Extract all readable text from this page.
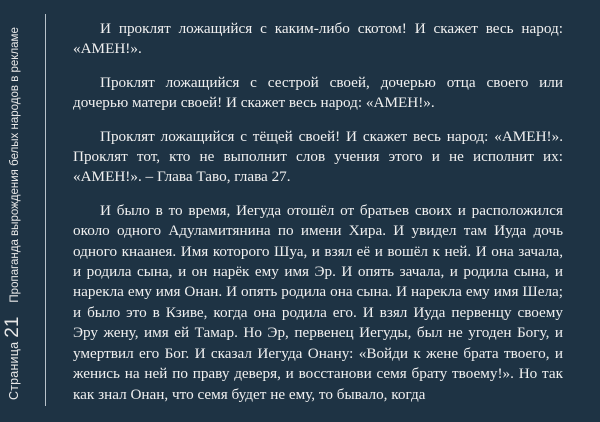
Страница
21
Пропаганда вырождения белых народов в рекламе	И проклят ложащийся с каким-либо скотом! И скажет весь народ: «АМЕН!».

Проклят ложащийся с сестрой своей, дочерью отца своего или дочерью матери своей! И скажет весь народ: «АМЕН!».

Проклят ложащийся с тёщей своей! И скажет весь народ: «АМЕН!». Проклят тот, кто не выполнит слов учения этого и не исполнит их: «АМЕН!». – Глава Таво, глава 27.

И было в то время, Иегуда отошёл от братьев своих и расположился около одного Адуламитянина по имени Хира. И увидел там Иуда дочь одного кнаанея. Имя которого Шуа, и взял её и вошёл к ней. И она зачала, и родила сына, и он нарёк ему имя Эр. И опять зачала, и родила сына, и нарекла ему имя Онан. И опять родила она сына. И нарекла ему имя Шела; и было это в Кзиве, когда она родила его. И взял Иуда первенцу своему Эру жену, имя ей Тамар. Но Эр, первенец Иегуды, был не угоден Богу, и умертвил его Бог. И сказал Иегуда Онану: «Войди к жене брата твоего, и женись на ней по праву деверя, и восстанови семя брату твоему!». Но так как знал Онан, что семя будет не ему, то бывало, когда
